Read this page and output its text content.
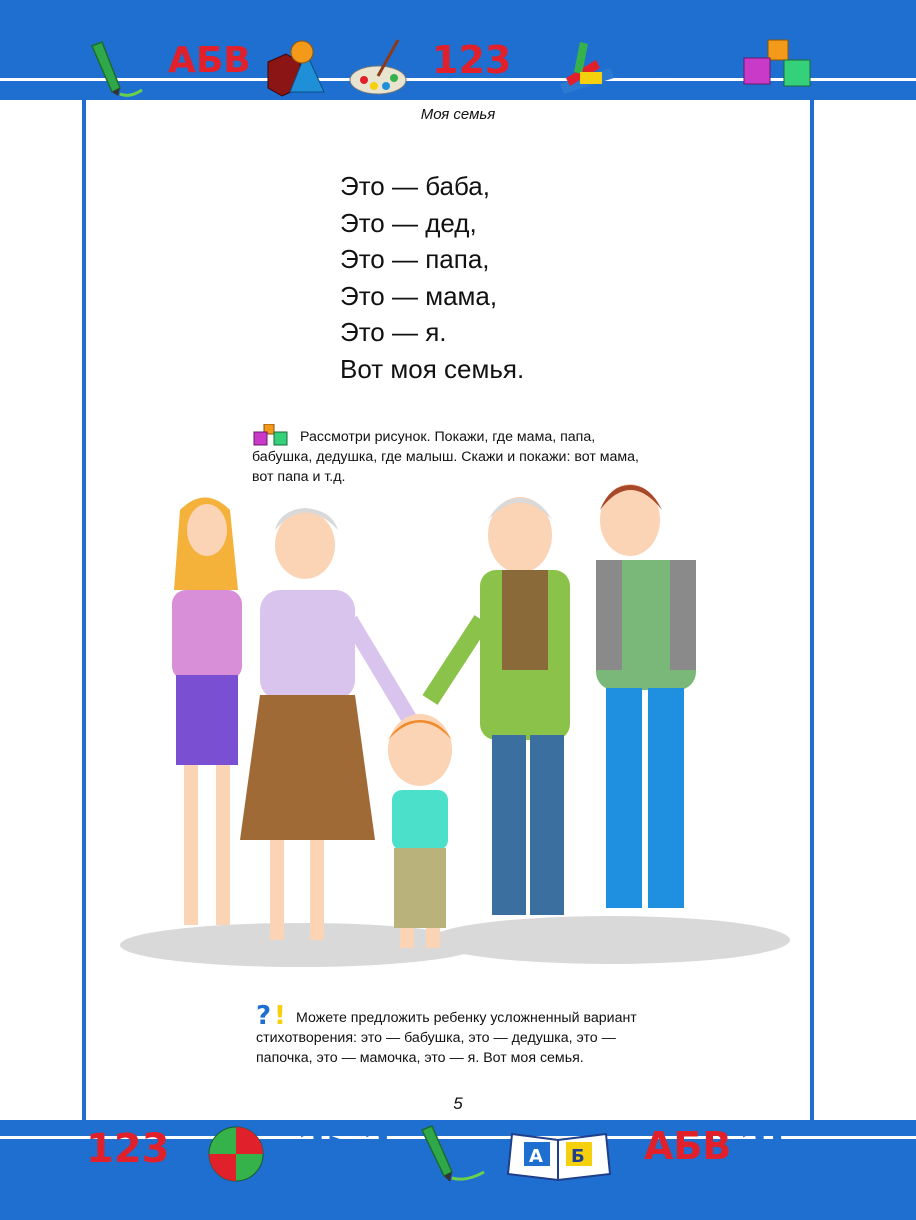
АБВ	123	?!
Моя семья
Это — баба,
Это — дед,
Это — папа,
Это — мама,
Это — я.
Вот моя семья.
Рассмотри рисунок. Покажи, где мама, папа, бабушка, дедушка, где малыш. Скажи и покажи: вот мама, вот папа и т.д.
? ! Можете предложить ребенку усложненный вариант стихотворения: это — бабушка, это — дедушка, это — папочка, это — мамочка, это — я. Вот моя семья.
5
123	?>?	А Б АБВ ?!
